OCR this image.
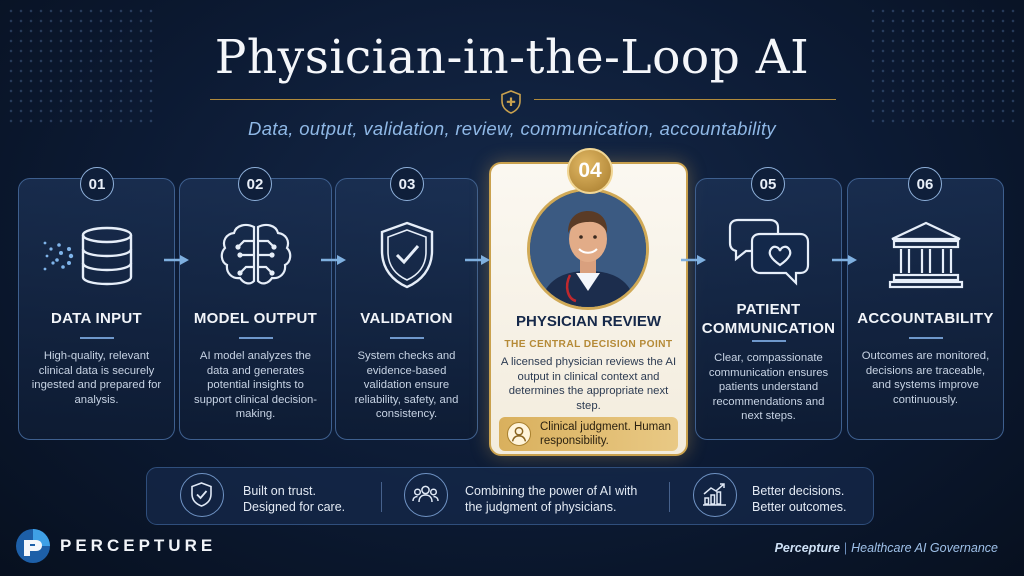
Physician-in-the-Loop AI
Data, output, validation, review, communication, accountability
DATA INPUT
High-quality, relevant clinical data is securely ingested and prepared for analysis.
01
MODEL OUTPUT
AI model analyzes the data and generates potential insights to support clinical decision-making.
02
VALIDATION
System checks and evidence-based validation ensure reliability, safety, and consistency.
03
04
PHYSICIAN REVIEW
THE CENTRAL DECISION POINT
A licensed physician reviews the AI output in clinical context and determines the appropriate next step.
Clinical judgment. Human responsibility.
PATIENT COMMUNICATION
Clear, compassionate communication ensures patients understand recommendations and next steps.
05
ACCOUNTABILITY
Outcomes are monitored, decisions are traceable, and systems improve continuously.
06
Built on trust. Designed for care.
Combining the power of AI with the judgment of physicians.
Better decisions. Better outcomes.
PERCEPTURE	Percepture | Healthcare AI Governance
